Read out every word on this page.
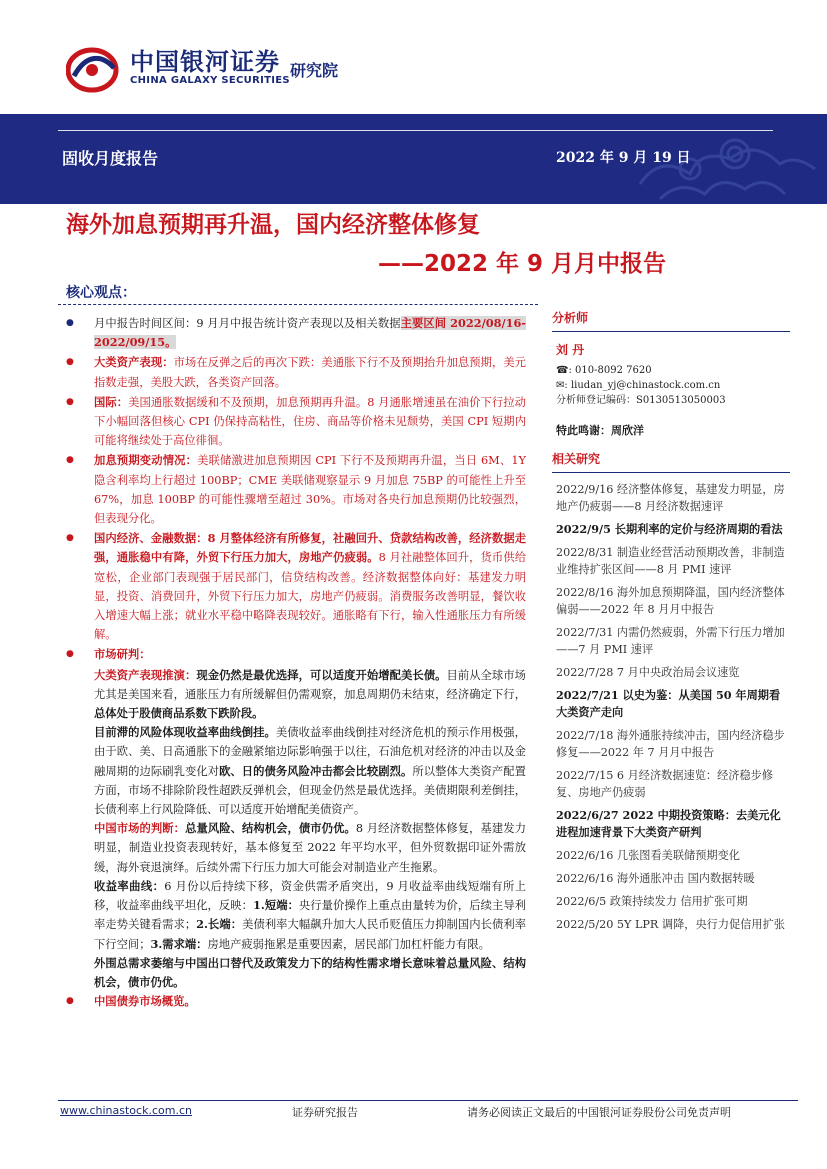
中国银河证券
CHINA GALAXY SECURITIES
研究院
固收月度报告	2022 年 9 月 19 日
海外加息预期再升温，国内经济整体修复
——2022 年 9 月月中报告
核心观点：
● 月中报告时间区间：9 月月中报告统计资产表现以及相关数据主要区间 2022/08/16-2022/09/15。
● 大类资产表现：市场在反弹之后的再次下跌：美通胀下行不及预期抬升加息预期，美元指数走强，美股大跌，各类资产回落。
● 国际：美国通胀数据缓和不及预期，加息预期再升温。8 月通胀增速虽在油价下行拉动下小幅回落但核心 CPI 仍保持高粘性，住房、商品等价格未见颓势，美国 CPI 短期内可能将继续处于高位徘徊。
● 加息预期变动情况：美联储激进加息预期因 CPI 下行不及预期再升温，当日 6M、1Y 隐含利率均上行超过 100BP；CME 美联储观察显示 9 月加息 75BP 的可能性上升至 67%，加息 100BP 的可能性骤增至超过 30%。市场对各央行加息预期仍比较强烈，但表现分化。
● 国内经济、金融数据：8 月整体经济有所修复，社融回升、贷款结构改善，经济数据走强，通胀稳中有降，外贸下行压力加大，房地产仍疲弱。8 月社融整体回升，货币供给宽松，企业部门表现强于居民部门，信贷结构改善。经济数据整体向好：基建发力明显，投资、消费回升，外贸下行压力加大，房地产仍疲弱。消费服务改善明显，餐饮收入增速大幅上涨；就业水平稳中略降表现较好。通胀略有下行，输入性通胀压力有所缓解。
● 市场研判：
大类资产表现推演：现金仍然是最优选择，可以适度开始增配美长债。目前从全球市场尤其是美国来看，通胀压力有所缓解但仍需观察，加息周期仍未结束，经济确定下行，总体处于股债商品系数下跌阶段。
目前滞的风险体现收益率曲线倒挂。美债收益率曲线倒挂对经济危机的预示作用极强，由于欧、美、日高通胀下的金融紧缩边际影响强于以往，石油危机对经济的冲击以及金融周期的边际刷乳变化对欧、日的债务风险冲击都会比较剧烈。所以整体大类资产配置方面，市场不排除阶段性超跌反弹机会，但现金仍然是最优选择。美债期限利差倒挂，长债利率上行风险降低、可以适度开始增配美债资产。
中国市场的判断：总量风险、结构机会，债市仍优。8 月经济数据整体修复，基建发力明显，制造业投资表现转好，基本修复至 2022 年平均水平，但外贸数据印证外需放缓，海外衰退演绎。后续外需下行压力加大可能会对制造业产生拖累。
收益率曲线：6 月份以后持续下移，资金供需矛盾突出，9 月收益率曲线短端有所上移，收益率曲线平坦化，反映：1.短端：央行量价操作上重点由量转为价，后续主导利率走势关键看需求；2.长端：美债利率大幅飙升加大人民币贬值压力抑制国内长债利率下行空间；3.需求端：房地产疲弱拖累是重要因素，居民部门加杠杆能力有限。
外围总需求萎缩与中国出口替代及政策发力下的结构性需求增长意味着总量风险、结构机会，债市仍优。
● 中国债券市场概览。
分析师
刘 丹
☎: 010-8092 7620
✉: liudan_yj@chinastock.com.cn
分析师登记编码：S0130513050003
特此鸣谢：周欣洋
相关研究
2022/9/16 经济整体修复，基建发力明显，房地产仍疲弱——8 月经济数据速评
2022/9/5 长期利率的定价与经济周期的看法
2022/8/31 制造业经营活动预期改善，非制造业维持扩张区间——8 月 PMI 速评
2022/8/16 海外加息预期降温，国内经济整体偏弱——2022 年 8 月月中报告
2022/7/31 内需仍然疲弱，外需下行压力增加——7 月 PMI 速评
2022/7/28 7 月中央政治局会议速览
2022/7/21 以史为鉴：从美国 50 年周期看大类资产走向
2022/7/18 海外通胀持续冲击，国内经济稳步修复——2022 年 7 月月中报告
2022/7/15 6 月经济数据速览：经济稳步修复、房地产仍疲弱
2022/6/27 2022 中期投资策略：去美元化进程加速背景下大类资产研判
2022/6/16 几张图看美联储预期变化
2022/6/16 海外通胀冲击 国内数据转暖
2022/6/5 政策持续发力 信用扩张可期
2022/5/20 5Y LPR 调降，央行力促信用扩张
www.chinastock.com.cn	证券研究报告	请务必阅读正文最后的中国银河证券股份公司免责声明
